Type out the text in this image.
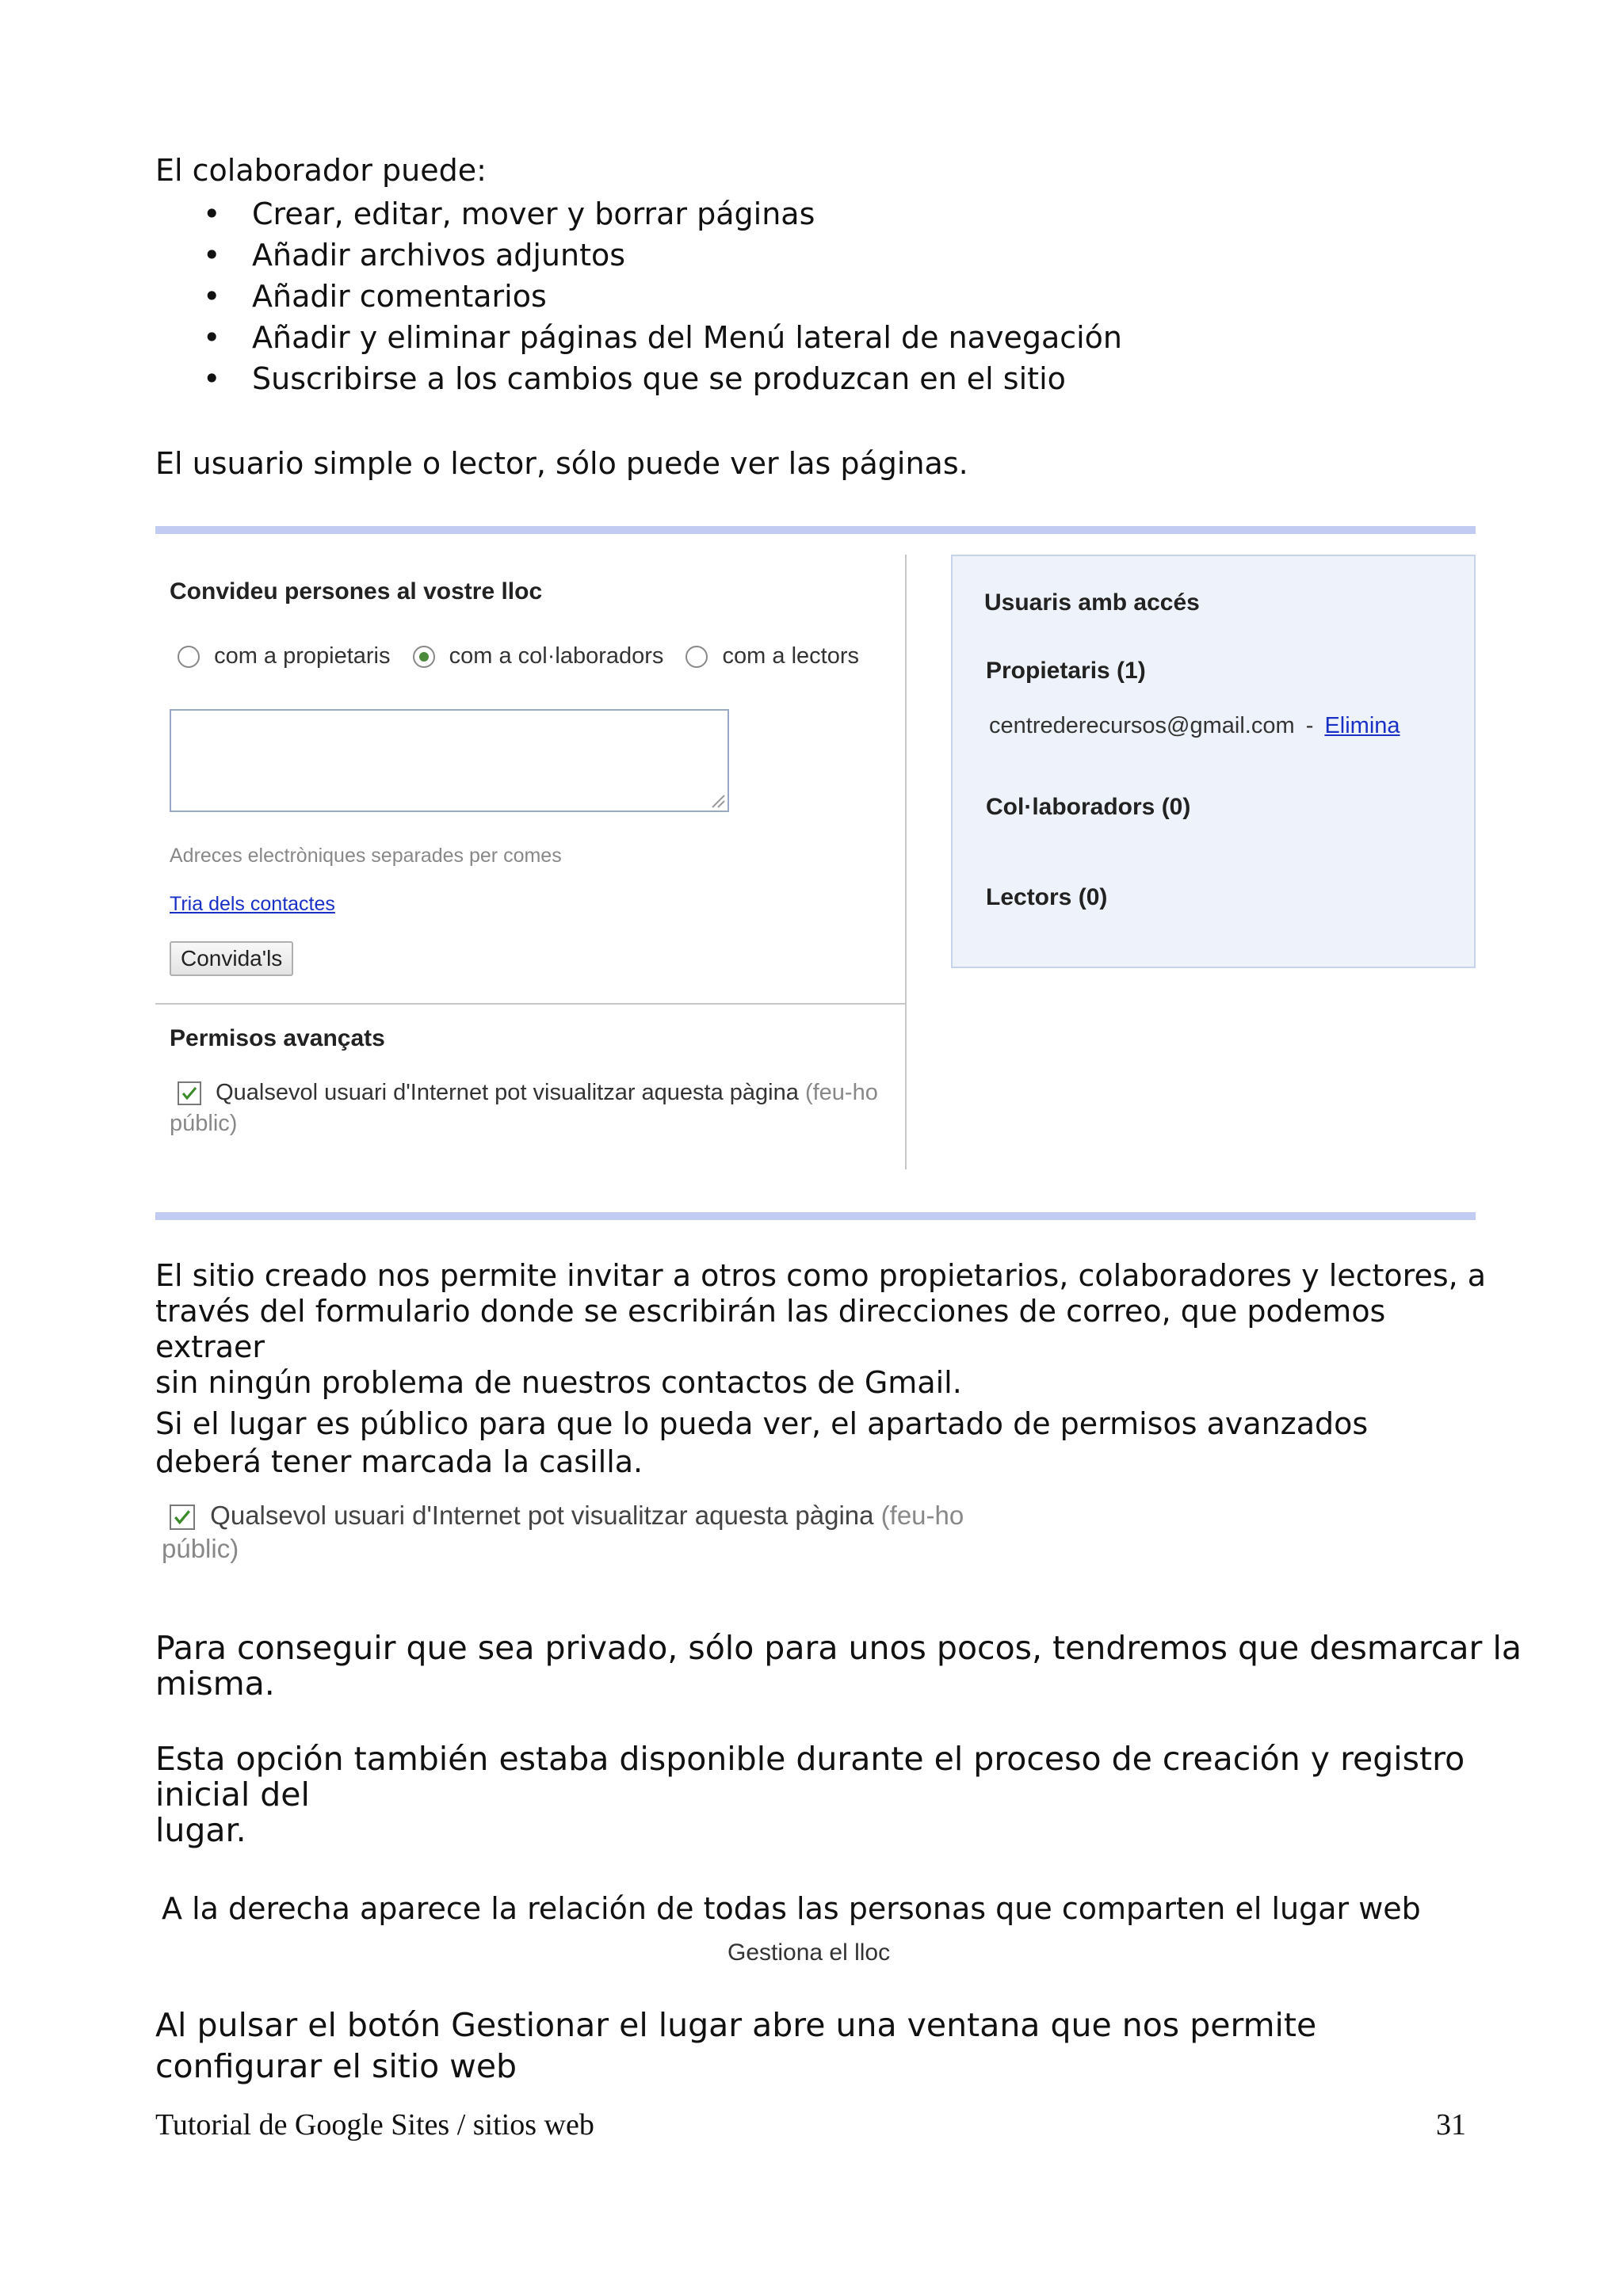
El colaborador puede:
• Crear, editar, mover y borrar páginas
• Añadir archivos adjuntos
• Añadir comentarios
• Añadir y eliminar páginas del Menú lateral de navegación
• Suscribirse a los cambios que se produzcan en el sitio
El usuario simple o lector, sólo puede ver las páginas.
Convideu persones al vostre lloc
com a propietaris	com a col·laboradors	com a lectors
Adreces electròniques separades per comes
Tria dels contactes
Convida'ls
Permisos avançats
Qualsevol usuari d'Internet pot visualitzar aquesta pàgina (feu-ho
públic)
Usuaris amb accés
Propietaris (1)
centrederecursos@gmail.com - Elimina
Col·laboradors (0)
Lectors (0)
El sitio creado nos permite invitar a otros como propietarios, colaboradores y lectores, a
través del formulario donde se escribirán las direcciones de correo, que podemos extraer
sin ningún problema de nuestros contactos de Gmail.
Si el lugar es público para que lo pueda ver, el apartado de permisos avanzados
deberá tener marcada la casilla.
Qualsevol usuari d'Internet pot visualitzar aquesta pàgina (feu-ho
públic)
Para conseguir que sea privado, sólo para unos pocos, tendremos que desmarcar la
misma.
Esta opción también estaba disponible durante el proceso de creación y registro
inicial del
lugar.
A la derecha aparece la relación de todas las personas que comparten el lugar web
Gestiona el lloc
Al pulsar el botón Gestionar el lugar abre una ventana que nos permite
configurar el sitio web
Tutorial de Google Sites / sitios web	31
